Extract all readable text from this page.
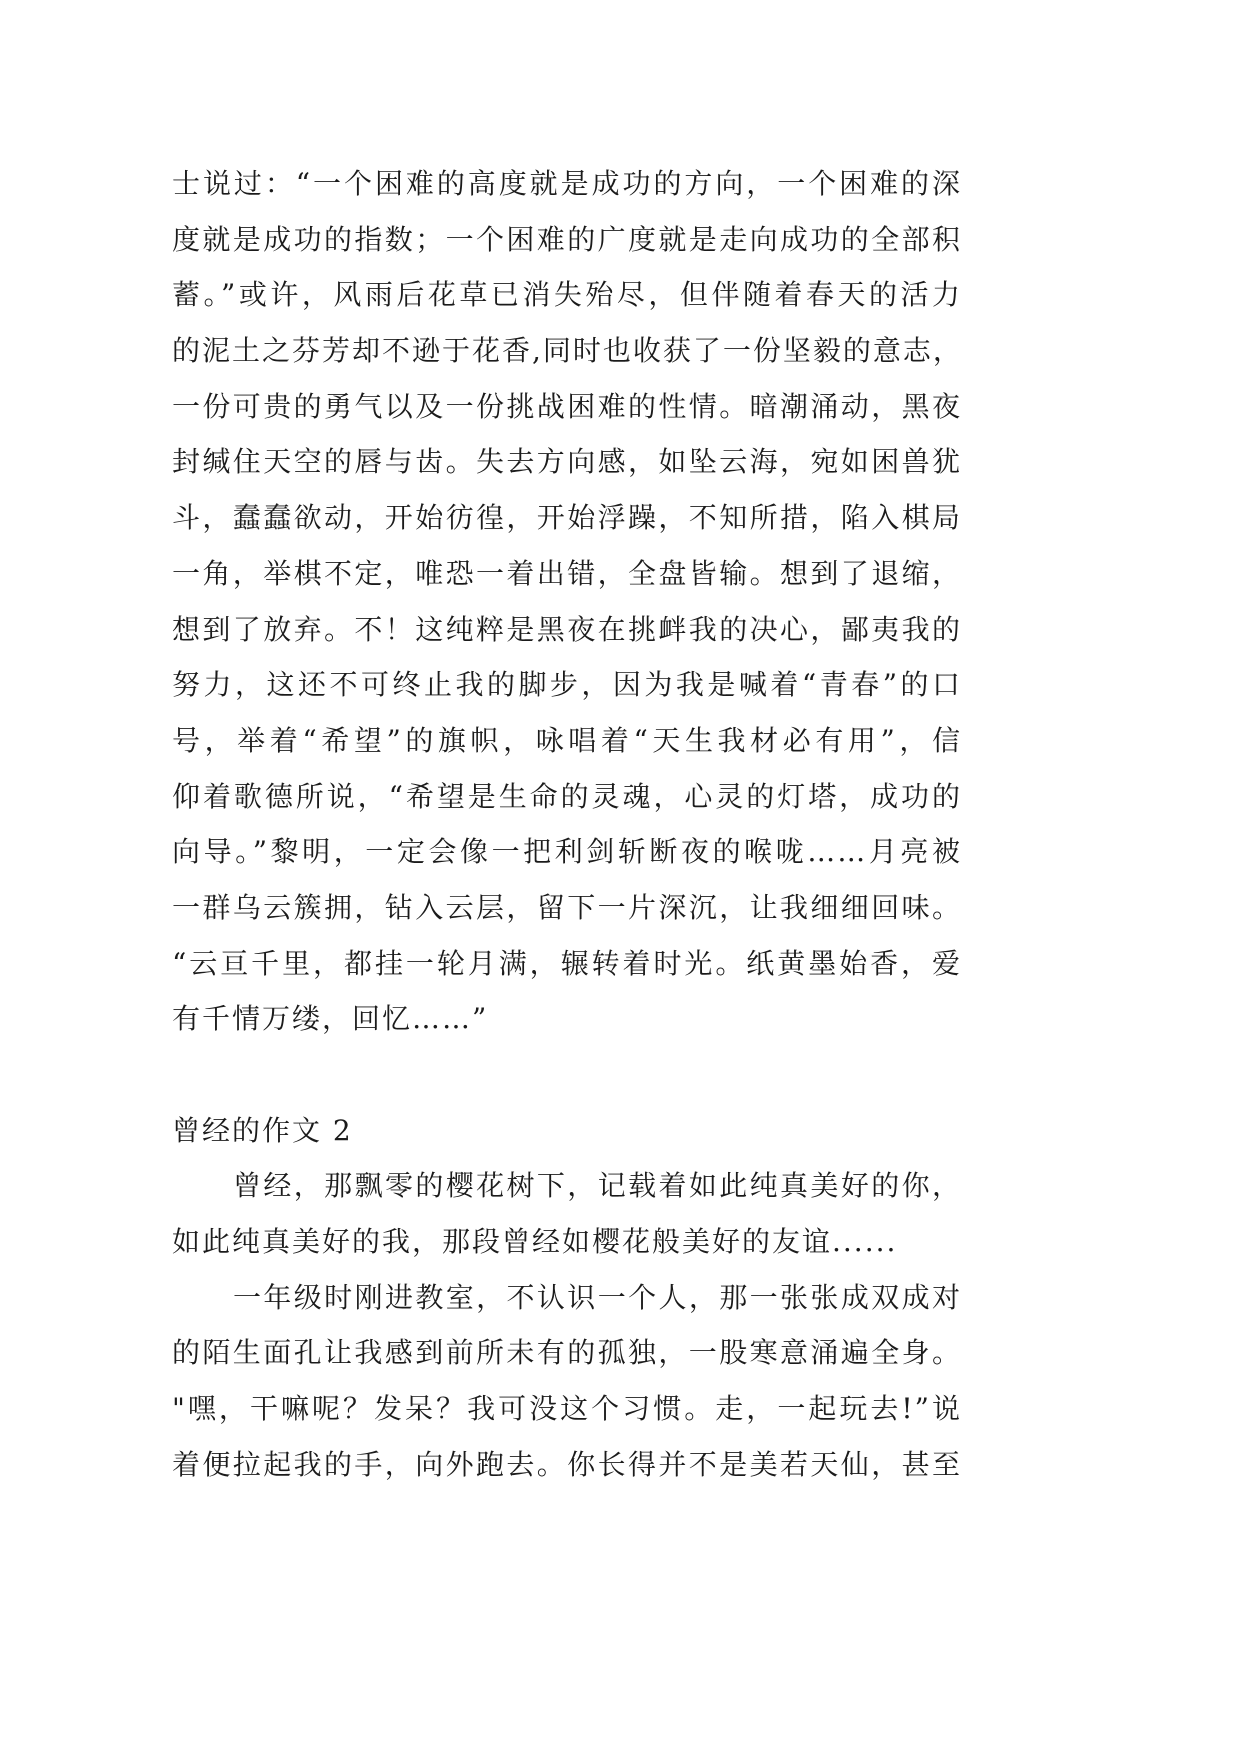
士说过：“一个困难的高度就是成功的方向，一个困难的深
度就是成功的指数；一个困难的广度就是走向成功的全部积
蓄。”或许，风雨后花草已消失殆尽，但伴随着春天的活力
的泥土之芬芳却不逊于花香,同时也收获了一份坚毅的意志，
一份可贵的勇气以及一份挑战困难的性情。暗潮涌动，黑夜
封缄住天空的唇与齿。失去方向感，如坠云海，宛如困兽犹
斗，蠢蠢欲动，开始彷徨，开始浮躁，不知所措，陷入棋局
一角，举棋不定，唯恐一着出错，全盘皆输。想到了退缩，
想到了放弃。不！这纯粹是黑夜在挑衅我的决心，鄙夷我的
努力，这还不可终止我的脚步，因为我是喊着“青春”的口
号，举着“希望”的旗帜，咏唱着“天生我材必有用”，信
仰着歌德所说，“希望是生命的灵魂，心灵的灯塔，成功的
向导。”黎明，一定会像一把利剑斩断夜的喉咙……月亮被
一群乌云簇拥，钻入云层，留下一片深沉，让我细细回味。
“云亘千里，都挂一轮月满，辗转着时光。纸黄墨始香，爱
有千情万缕，回忆……”
曾经的作文 2
曾经，那飘零的樱花树下，记载着如此纯真美好的你，
如此纯真美好的我，那段曾经如樱花般美好的友谊......
一年级时刚进教室，不认识一个人，那一张张成双成对
的陌生面孔让我感到前所未有的孤独，一股寒意涌遍全身。
"嘿，干嘛呢？发呆？我可没这个习惯。走，一起玩去!”说
着便拉起我的手，向外跑去。你长得并不是美若天仙，甚至
